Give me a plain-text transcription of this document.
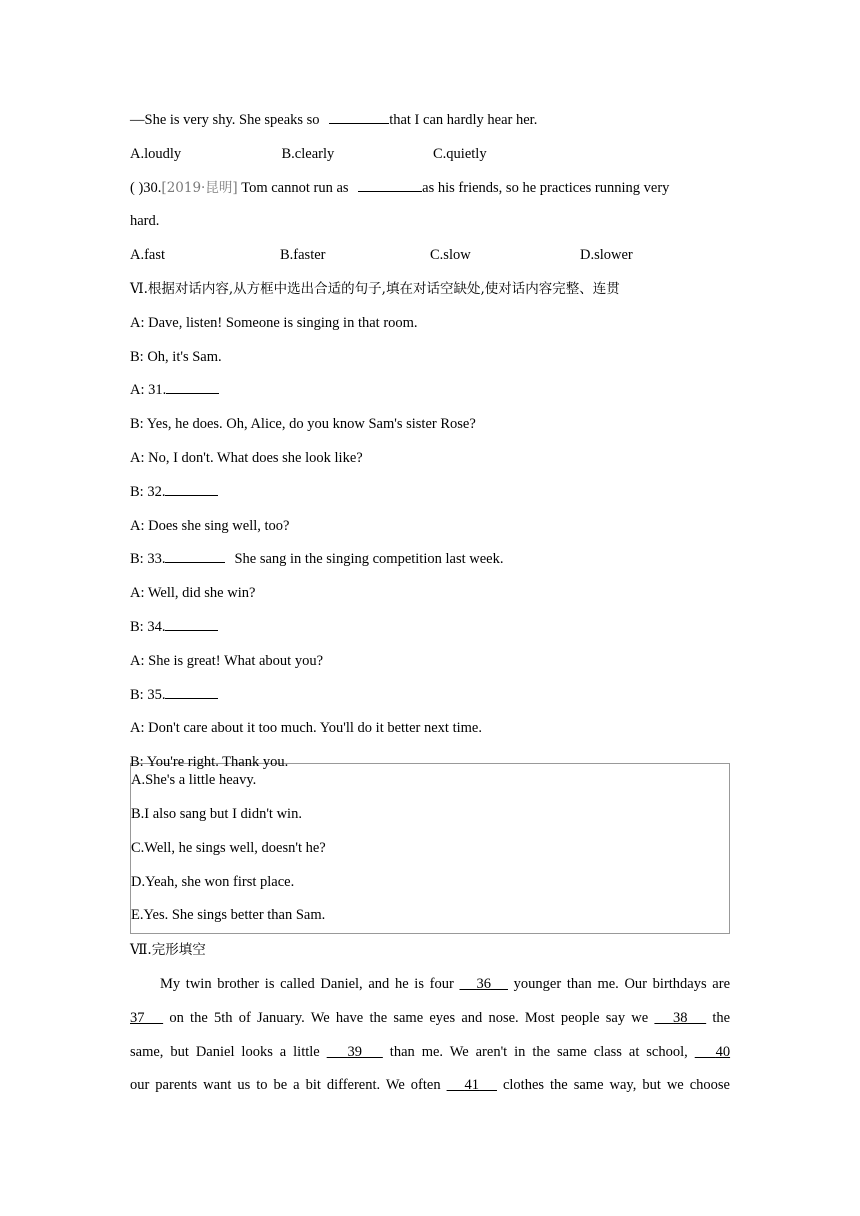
—She is very shy. She speaks so	that I can hardly hear her.
A.loudly	B.clearly	C.quietly
( )30.[2019·昆明] Tom cannot run as	as his friends, so he practices running very
hard.
A.fast	B.faster	C.slow	D.slower
Ⅵ.根据对话内容,从方框中选出合适的句子,填在对话空缺处,使对话内容完整、连贯
A: Dave, listen! Someone is singing in that room.
B: Oh, it's Sam.
A: 31.
B: Yes, he does. Oh, Alice, do you know Sam's sister Rose?
A: No, I don't. What does she look like?
B: 32.
A: Does she sing well, too?
B: 33.	She sang in the singing competition last week.
A: Well, did she win?
B: 34.
A: She is great! What about you?
B: 35.
A: Don't care about it too much. You'll do it better next time.
B: You're right. Thank you.
A.She's a little heavy.
B.I also sang but I didn't win.
C.Well, he sings well, doesn't he?
D.Yeah, she won first place.
E.Yes. She sings better than Sam.
Ⅶ.完形填空
My twin brother is called Daniel, and he is four 36 younger than me. Our birthdays are
37 on the 5th of January. We have the same eyes and nose. Most people say we 38 the
same, but Daniel looks a little 39 than me. We aren't in the same class at school, 40
our parents want us to be a bit different. We often 41 clothes the same way, but we choose
